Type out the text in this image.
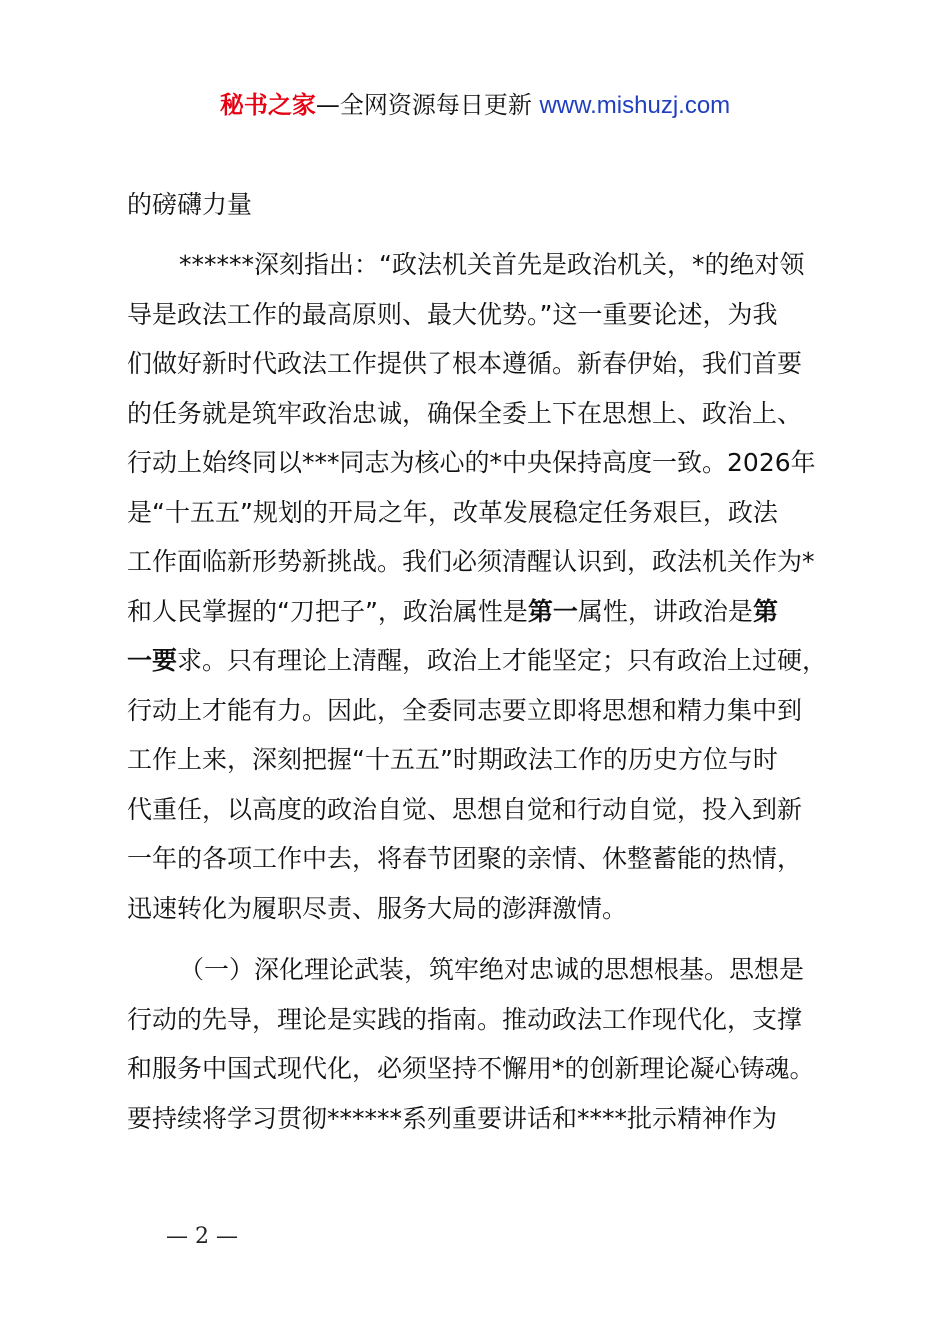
秘书之家—全网资源每日更新 www.mishuzj.com
的磅礴力量
******深刻指出：“政法机关首先是政治机关，*的绝对领
导是政法工作的最高原则、最大优势。”这一重要论述，为我
们做好新时代政法工作提供了根本遵循。新春伊始，我们首要
的任务就是筑牢政治忠诚，确保全委上下在思想上、政治上、
行动上始终同以***同志为核心的*中央保持高度一致。2026年
是“十五五”规划的开局之年，改革发展稳定任务艰巨，政法
工作面临新形势新挑战。我们必须清醒认识到，政法机关作为*
和人民掌握的“刀把子”，政治属性是第一属性，讲政治是第
一要求。只有理论上清醒，政治上才能坚定；只有政治上过硬，
行动上才能有力。因此，全委同志要立即将思想和精力集中到
工作上来，深刻把握“十五五”时期政法工作的历史方位与时
代重任，以高度的政治自觉、思想自觉和行动自觉，投入到新
一年的各项工作中去，将春节团聚的亲情、休整蓄能的热情，
迅速转化为履职尽责、服务大局的澎湃激情。
（一）深化理论武装，筑牢绝对忠诚的思想根基。思想是
行动的先导，理论是实践的指南。推动政法工作现代化，支撑
和服务中国式现代化，必须坚持不懈用*的创新理论凝心铸魂。
要持续将学习贯彻******系列重要讲话和****批示精神作为
— 2 —
